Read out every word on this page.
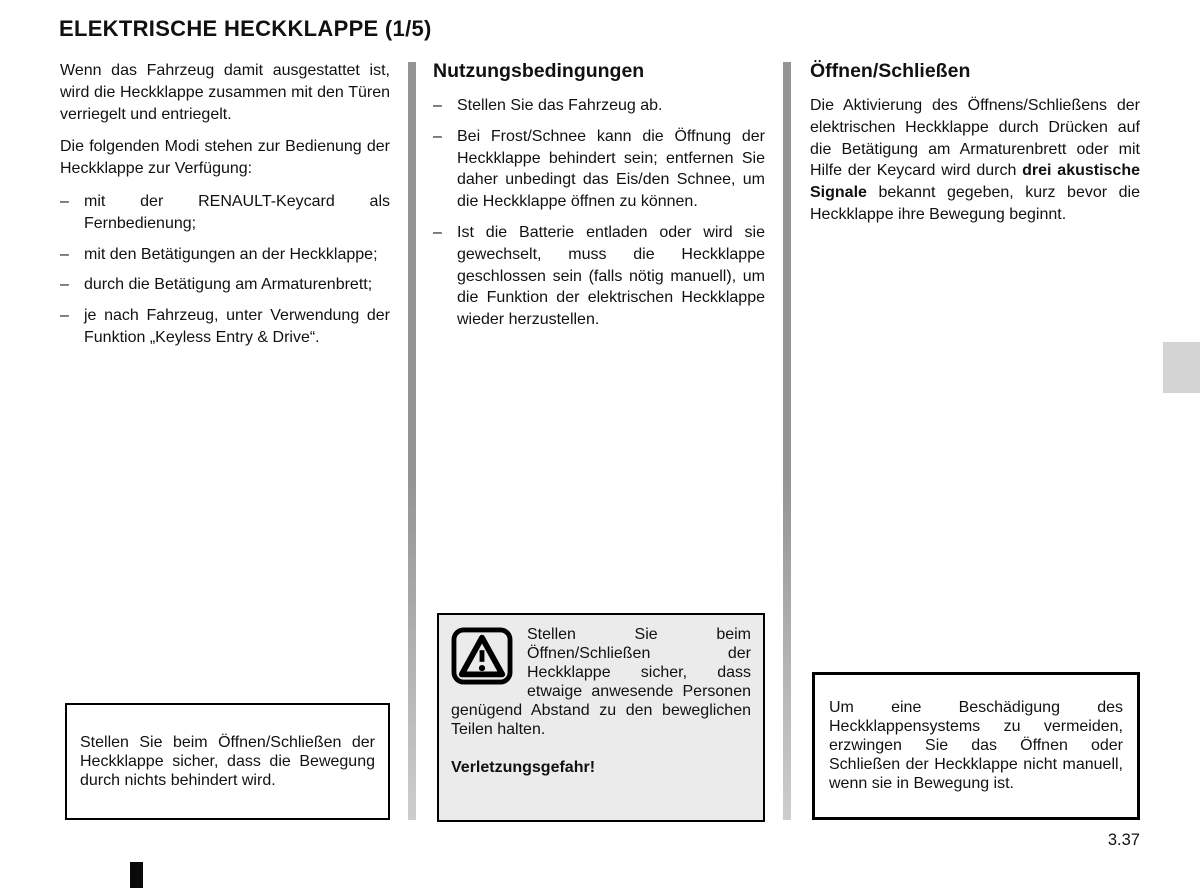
ELEKTRISCHE HECKKLAPPE (1/5)

Wenn das Fahrzeug damit ausgestattet ist, wird die Heckklappe zusammen mit den Türen verriegelt und entriegelt.

Die folgenden Modi stehen zur Bedienung der Heckklappe zur Verfügung:

– mit der RENAULT-Keycard als Fernbedienung;
– mit den Betätigungen an der Heckklappe;
– durch die Betätigung am Armaturenbrett;
– je nach Fahrzeug, unter Verwendung der Funktion „Keyless Entry & Drive“.
Nutzungsbedingungen
– Stellen Sie das Fahrzeug ab.
– Bei Frost/Schnee kann die Öffnung der Heckklappe behindert sein; entfernen Sie daher unbedingt das Eis/den Schnee, um die Heckklappe öffnen zu können.
– Ist die Batterie entladen oder wird sie gewechselt, muss die Heckklappe geschlossen sein (falls nötig manuell), um die Funktion der elektrischen Heckklappe wieder herzustellen.
Öffnen/Schließen

Die Aktivierung des Öffnens/Schließens der elektrischen Heckklappe durch Drücken auf die Betätigung am Armaturenbrett oder mit Hilfe der Keycard wird durch drei akustische Signale bekannt gegeben, kurz bevor die Heckklappe ihre Bewegung beginnt.

Stellen Sie beim Öffnen/Schließen der Heckklappe sicher, dass die Bewegung durch nichts behindert wird.

Stellen Sie beim Öffnen/Schließen der Heckklappe sicher, dass etwaige anwesende Personen genügend Abstand zu den beweglichen Teilen halten.

Verletzungsgefahr!

Um eine Beschädigung des Heckklappensystems zu vermeiden, erzwingen Sie das Öffnen oder Schließen der Heckklappe nicht manuell, wenn sie in Bewegung ist.

3.37
